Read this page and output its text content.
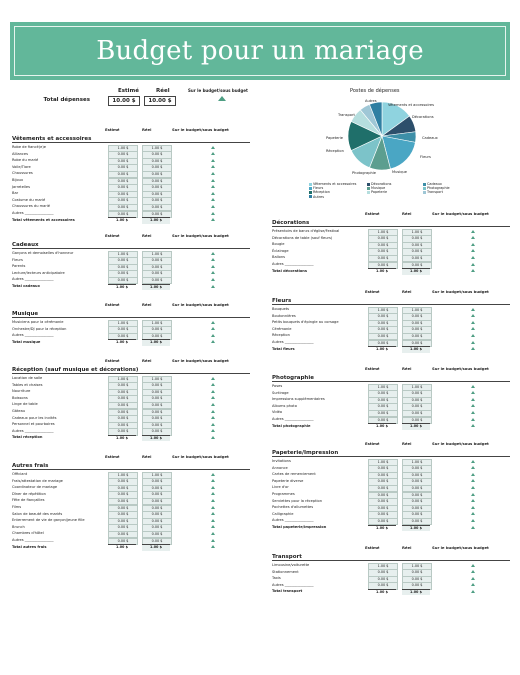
Budget pour un mariage
Estimé	Réel	Sur le budget/sous budget
Total dépenses	10.00 $	10.00 $
Postes de dépenses
Autres
Vêtements et accessoires
Décorations
Cadeaux
Fleurs
Musique
Photographie
Réception
Papeterie
Transport
Vêtements et accessoires	Décorations	Cadeaux
Fleurs	Musique	Photographie
Réception	Papeterie	Transport
Autres
Estimé	Réel	Sur le budget/sous budget
Vêtements et accessoires
Robe de fiancé(e)e	1.00 $	1.00 $
Alliances	0.00 $	0.00 $
Robe du marié	0.00 $	0.00 $
Voile/Tiare	0.00 $	0.00 $
Chaussures	0.00 $	0.00 $
Bijoux	0.00 $	0.00 $
Jarretelles	0.00 $	0.00 $
Bar	0.00 $	0.00 $
Costume du marié	0.00 $	0.00 $
Chaussures du marié	0.00 $	0.00 $
Autres ________________	0.00 $	0.00 $
Total vêtements et accessoires	1.00 $	1.00 $
Estimé	Réel	Sur le budget/sous budget
Cadeaux
Garçons et demoiselles d'honneur	1.00 $	1.00 $
Fleurs	0.00 $	0.00 $
Parents	0.00 $	0.00 $
Lecture/lecteurs anticipatoire	0.00 $	0.00 $
Autres ________________	0.00 $	0.00 $
Total cadeaux	1.00 $	1.00 $
Estimé	Réel	Sur le budget/sous budget
Musique
Musiciens pour la cérémonie	1.00 $	1.00 $
Orchestre/DJ pour la réception	0.00 $	0.00 $
Autres ________________	0.00 $	0.00 $
Total musique	1.00 $	1.00 $
Estimé	Réel	Sur le budget/sous budget
Réception (sauf musique et décorations)
Location de salle	1.00 $	1.00 $
Tables et chaises	0.00 $	0.00 $
Nourriture	0.00 $	0.00 $
Boissons	0.00 $	0.00 $
Linge de table	0.00 $	0.00 $
Gâteau	0.00 $	0.00 $
Cadeaux pour les invités	0.00 $	0.00 $
Personnel et pourboires	0.00 $	0.00 $
Autres ________________	0.00 $	0.00 $
Total réception	1.00 $	1.00 $
Estimé	Réel	Sur le budget/sous budget
Autres frais
Officiant	1.00 $	1.00 $
Frais/attestation de mariage	0.00 $	0.00 $
Coordinateur de mariage	0.00 $	0.00 $
Dîner de répétition	0.00 $	0.00 $
Fête de fiançailles	0.00 $	0.00 $
Films	0.00 $	0.00 $
Salon de beauté des mariés	0.00 $	0.00 $
Enterrement de vie de garçon/jeune fille	0.00 $	0.00 $
Brunch	0.00 $	0.00 $
Chambres d'hôtel	0.00 $	0.00 $
Autres ________________	0.00 $	0.00 $
Total autres frais	1.00 $	1.00 $
Estimé	Réel	Sur le budget/sous budget
Décorations
Présentoirs de bancs d'église/Festival	1.00 $	1.00 $
Décorations de table (sauf fleurs)	0.00 $	0.00 $
Bougie	0.00 $	0.00 $
Éclairage	0.00 $	0.00 $
Ballons	0.00 $	0.00 $
Autres ________________	0.00 $	0.00 $
Total décorations	1.00 $	1.00 $
Estimé	Réel	Sur le budget/sous budget
Fleurs
Bouquets	1.00 $	1.00 $
Boutonnières	0.00 $	0.00 $
Petits bouquets d'épingle au corsage	0.00 $	0.00 $
Cérémonie	0.00 $	0.00 $
Réception	0.00 $	0.00 $
Autres ________________	0.00 $	0.00 $
Total fleurs	1.00 $	1.00 $
Estimé	Réel	Sur le budget/sous budget
Photographie
Poses	1.00 $	1.00 $
Surtirage	0.00 $	0.00 $
Impressions supplémentaires	0.00 $	0.00 $
Albums photo	0.00 $	0.00 $
Vidéo	0.00 $	0.00 $
Autres ________________	0.00 $	0.00 $
Total photographie	1.00 $	1.00 $
Estimé	Réel	Sur le budget/sous budget
Papeterie/Impression
Invitations	1.00 $	1.00 $
Annonce	0.00 $	0.00 $
Cartes de remerciement	0.00 $	0.00 $
Papeterie diverse	0.00 $	0.00 $
Livre d'or	0.00 $	0.00 $
Programmes	0.00 $	0.00 $
Serviettes pour la réception	0.00 $	0.00 $
Pochettes d'allumettes	0.00 $	0.00 $
Calligraphie	0.00 $	0.00 $
Autres ________________	0.00 $	0.00 $
Total papeterie/impression	1.00 $	1.00 $
Estimé	Réel	Sur le budget/sous budget
Transport
Limousine/voiturette	1.00 $	1.00 $
Stationnement	0.00 $	0.00 $
Taxis	0.00 $	0.00 $
Autres ________________	0.00 $	0.00 $
Total transport	1.00 $	1.00 $
